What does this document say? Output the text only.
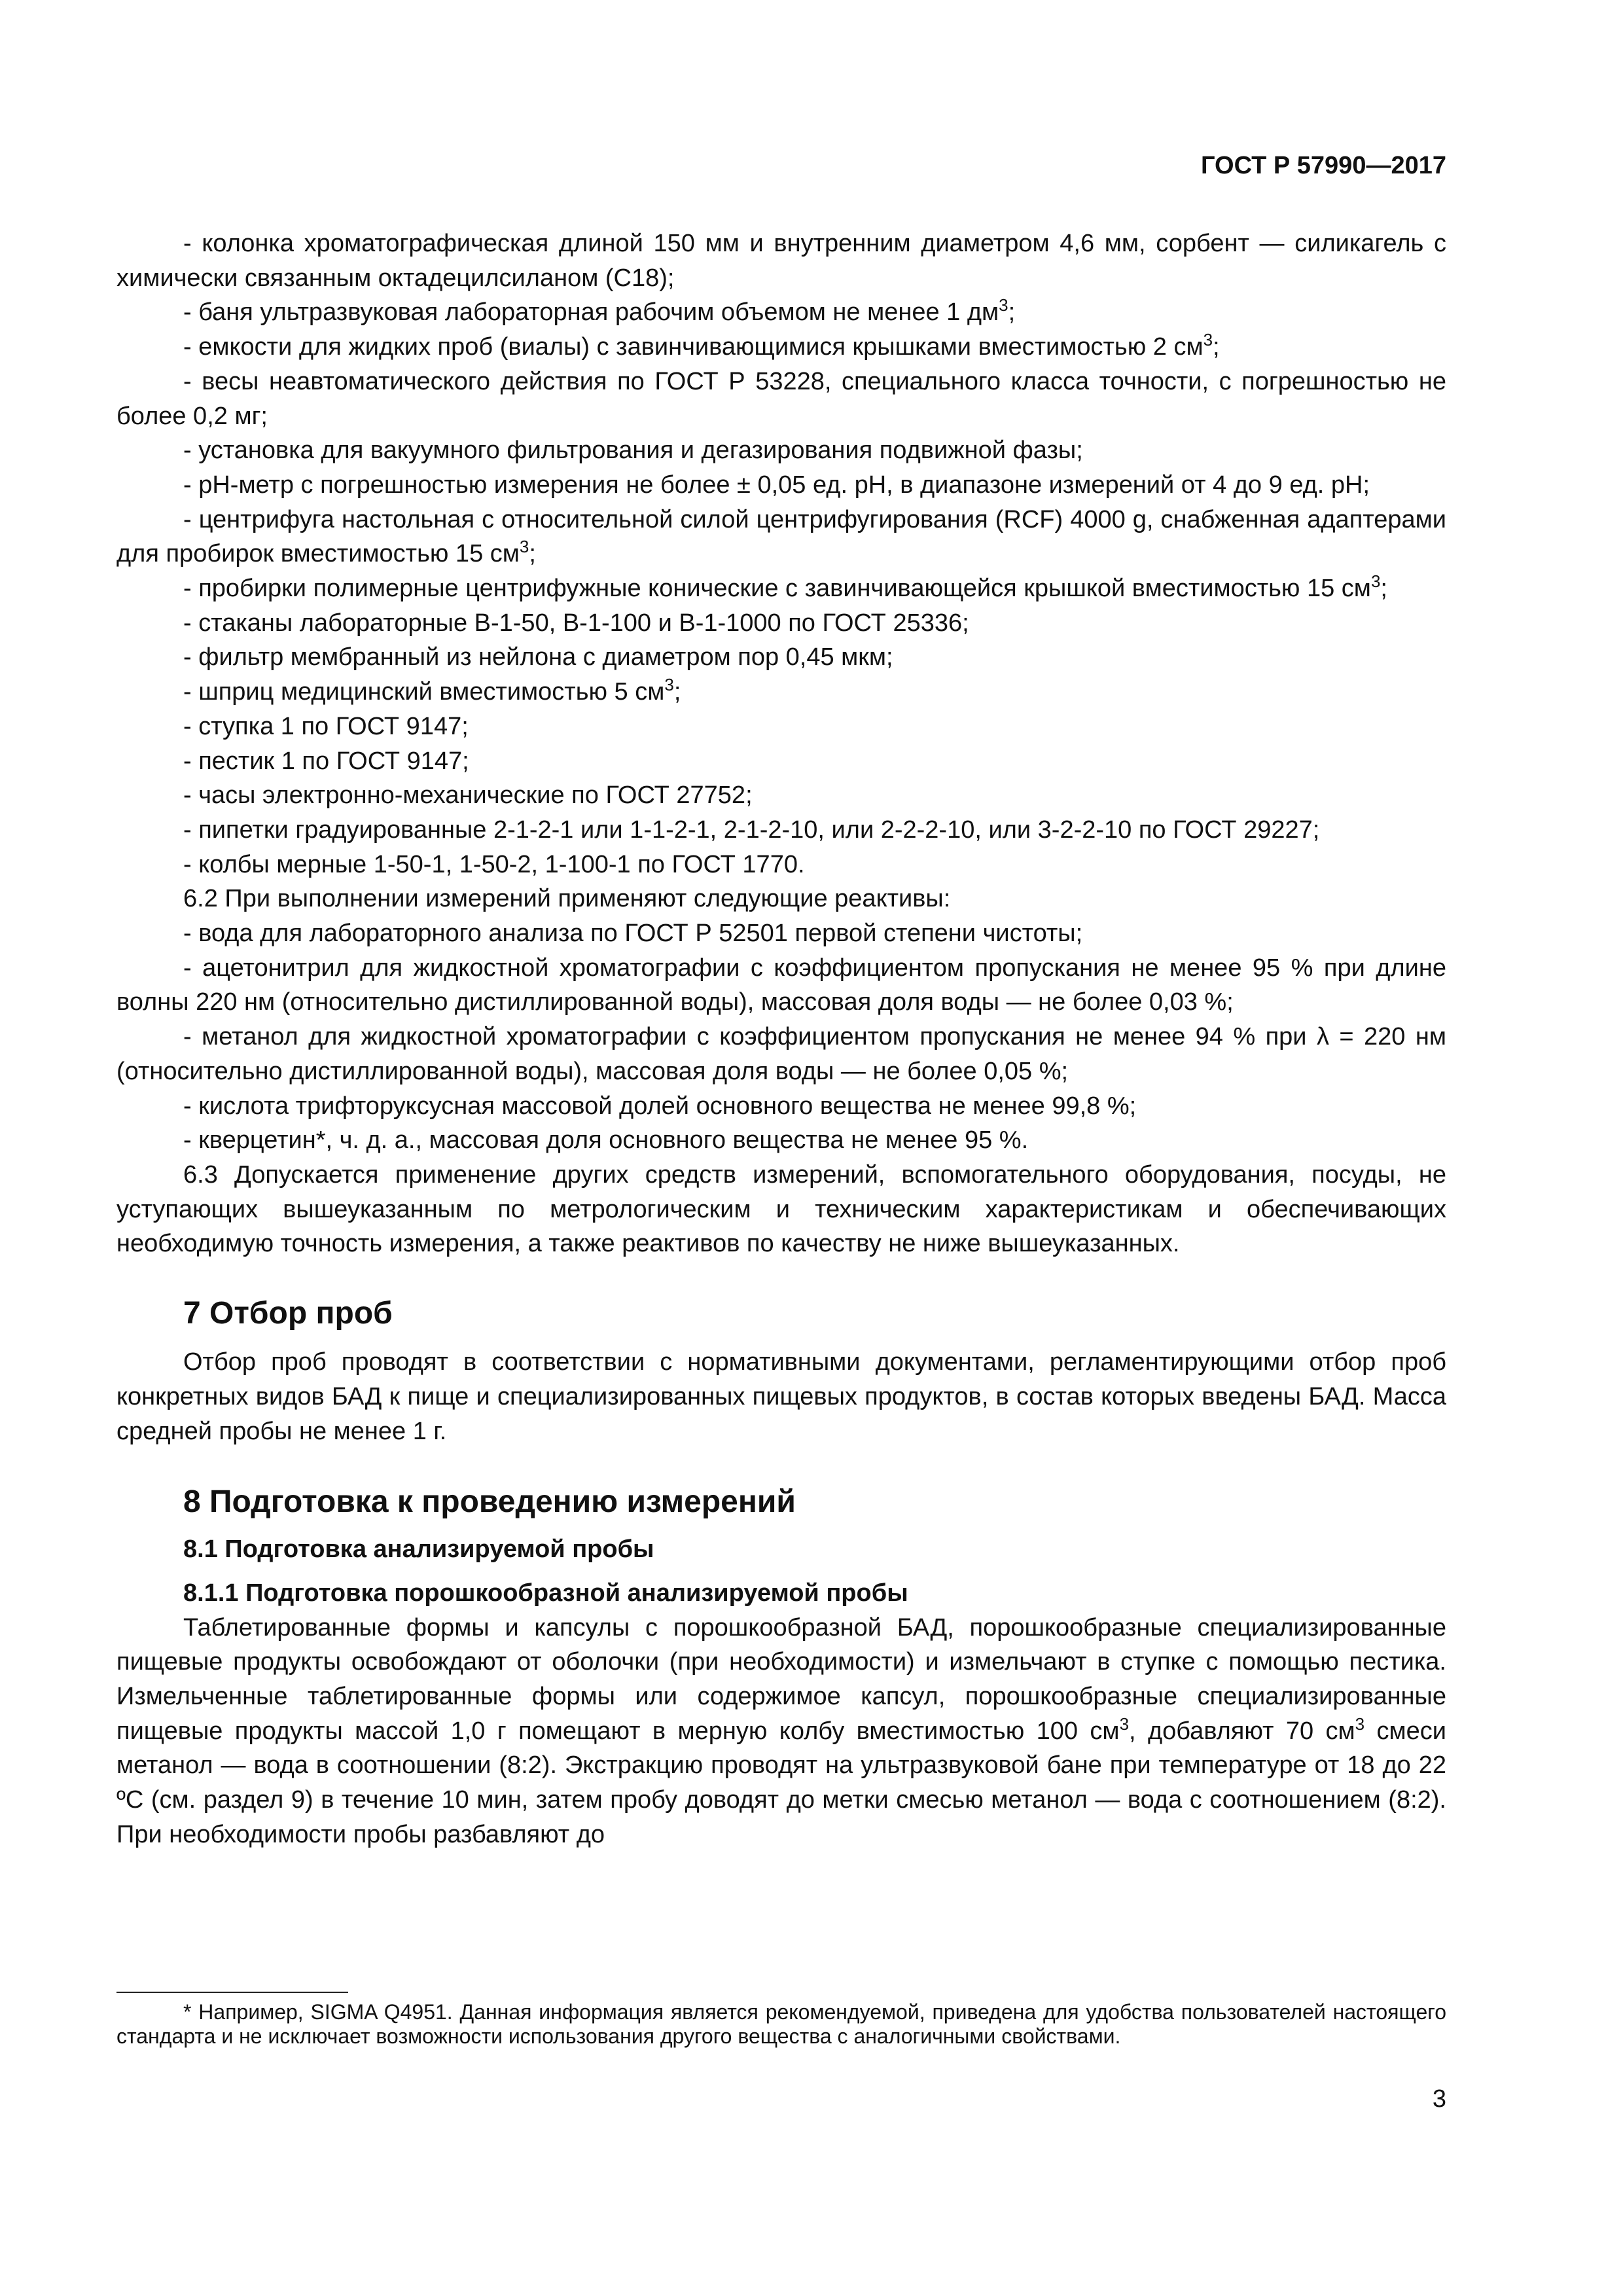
ГОСТ Р 57990—2017

- колонка хроматографическая длиной 150 мм и внутренним диаметром 4,6 мм, сорбент — силикагель с химически связанным октадецилсиланом (С18);

- баня ультразвуковая лабораторная рабочим объемом не менее 1 $дм^3$;

- емкости для жидких проб (виалы) с завинчивающимися крышками вместимостью 2 $см^3$;

- весы неавтоматического действия по ГОСТ Р 53228, специального класса точности, с погрешностью не более 0,2 мг;

- установка для вакуумного фильтрования и дегазирования подвижной фазы;

- pH-метр с погрешностью измерения не более ± 0,05 ед. pH, в диапазоне измерений от 4 до 9 ед. pH;

- центрифуга настольная с относительной силой центрифугирования (RCF) 4000 g, снабженная адаптерами для пробирок вместимостью 15 $см^3$;

- пробирки полимерные центрифужные конические с завинчивающейся крышкой вместимостью 15 $см^3$;

- стаканы лабораторные В-1-50, В-1-100 и В-1-1000 по ГОСТ 25336;

- фильтр мембранный из нейлона с диаметром пор 0,45 мкм;

- шприц медицинский вместимостью 5 $см^3$;

- ступка 1 по ГОСТ 9147;

- пестик 1 по ГОСТ 9147;

- часы электронно-механические по ГОСТ 27752;

- пипетки градуированные 2-1-2-1 или 1-1-2-1, 2-1-2-10, или 2-2-2-10, или 3-2-2-10 по ГОСТ 29227;

- колбы мерные 1-50-1, 1-50-2, 1-100-1 по ГОСТ 1770.

6.2 При выполнении измерений применяют следующие реактивы:

- вода для лабораторного анализа по ГОСТ Р 52501 первой степени чистоты;

- ацетонитрил для жидкостной хроматографии с коэффициентом пропускания не менее 95 % при длине волны 220 нм (относительно дистиллированной воды), массовая доля воды — не более 0,03 %;

- метанол для жидкостной хроматографии с коэффициентом пропускания не менее 94 % при λ = 220 нм (относительно дистиллированной воды), массовая доля воды — не более 0,05 %;

- кислота трифторуксусная массовой долей основного вещества не менее 99,8 %;

- кверцетин*, ч. д. а., массовая доля основного вещества не менее 95 %.

6.3 Допускается применение других средств измерений, вспомогательного оборудования, посуды, не уступающих вышеуказанным по метрологическим и техническим характеристикам и обеспечивающих необходимую точность измерения, а также реактивов по качеству не ниже вышеуказанных.

7 Отбор проб

Отбор проб проводят в соответствии с нормативными документами, регламентирующими отбор проб конкретных видов БАД к пище и специализированных пищевых продуктов, в состав которых введены БАД. Масса средней пробы не менее 1 г.

8 Подготовка к проведению измерений
8.1 Подготовка анализируемой пробы
8.1.1 Подготовка порошкообразной анализируемой пробы

Таблетированные формы и капсулы с порошкообразной БАД, порошкообразные специализированные пищевые продукты освобождают от оболочки (при необходимости) и измельчают в ступке с помощью пестика. Измельченные таблетированные формы или содержимое капсул, порошкообразные специализированные пищевые продукты массой 1,0 г помещают в мерную колбу вместимостью 100 $см^3$, добавляют 70 $см^3$ смеси метанол — вода в соотношении (8:2). Экстракцию проводят на ультразвуковой бане при температуре от 18 до 22 ºС (см. раздел 9) в течение 10 мин, затем пробу доводят до метки смесью метанол — вода с соотношением (8:2). При необходимости пробы разбавляют до

* Например, SIGMA Q4951. Данная информация является рекомендуемой, приведена для удобства пользователей настоящего стандарта и не исключает возможности использования другого вещества с аналогичными свойствами.

3
